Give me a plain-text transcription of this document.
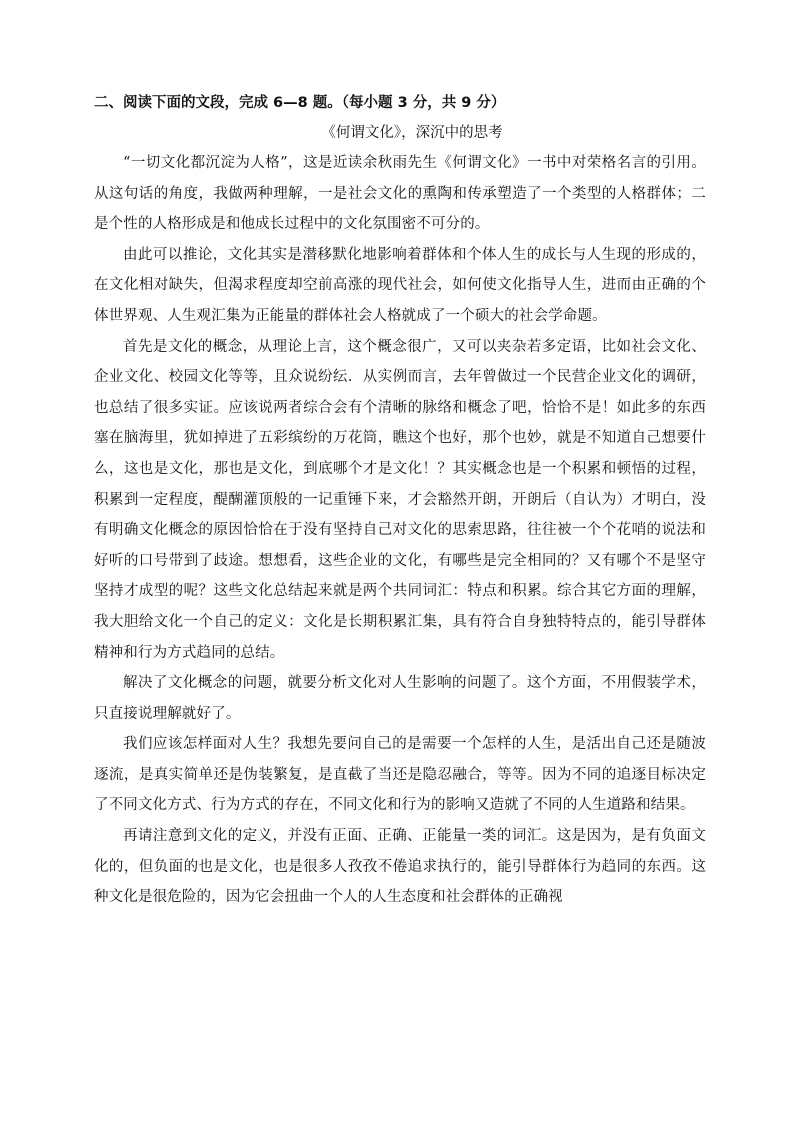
二、阅读下面的文段，完成 6—8 题。（每小题 3 分，共 9 分）

《何谓文化》，深沉中的思考

“一切文化都沉淀为人格”，这是近读余秋雨先生《何谓文化》一书中对荣格名言的引用。从这句话的角度，我做两种理解，一是社会文化的熏陶和传承塑造了一个类型的人格群体；二是个性的人格形成是和他成长过程中的文化氛围密不可分的。

由此可以推论，文化其实是潜移默化地影响着群体和个体人生的成长与人生现的形成的，在文化相对缺失，但渴求程度却空前高涨的现代社会，如何使文化指导人生，进而由正确的个体世界观、人生观汇集为正能量的群体社会人格就成了一个硕大的社会学命题。

首先是文化的概念，从理论上言，这个概念很广，又可以夹杂若多定语，比如社会文化、企业文化、校园文化等等，且众说纷纭．从实例而言，去年曾做过一个民营企业文化的调研，也总结了很多实证。应该说两者综合会有个清晰的脉络和概念了吧，恰恰不是！如此多的东西塞在脑海里，犹如掉进了五彩缤纷的万花筒，瞧这个也好，那个也妙，就是不知道自己想要什么，这也是文化，那也是文化，到底哪个才是文化！？其实概念也是一个积累和顿悟的过程，积累到一定程度，醍醐灌顶般的一记重锤下来，才会豁然开朗，开朗后（自认为）才明白，没有明确文化概念的原因恰恰在于没有坚持自己对文化的思索思路，往往被一个个花哨的说法和好听的口号带到了歧途。想想看，这些企业的文化，有哪些是完全相同的？又有哪个不是坚守坚持才成型的呢？这些文化总结起来就是两个共同词汇：特点和积累。综合其它方面的理解，我大胆给文化一个自己的定义：文化是长期积累汇集，具有符合自身独特特点的，能引导群体精神和行为方式趋同的总结。

解决了文化概念的问题，就要分析文化对人生影响的问题了。这个方面，不用假装学术，只直接说理解就好了。

我们应该怎样面对人生？我想先要问自己的是需要一个怎样的人生，是活出自己还是随波逐流，是真实简单还是伪装繁复，是直截了当还是隐忍融合，等等。因为不同的追逐目标决定了不同文化方式、行为方式的存在，不同文化和行为的影响又造就了不同的人生道路和结果。

再请注意到文化的定义，并没有正面、正确、正能量一类的词汇。这是因为，是有负面文化的，但负面的也是文化，也是很多人孜孜不倦追求执行的，能引导群体行为趋同的东西。这种文化是很危险的，因为它会扭曲一个人的人生态度和社会群体的正确视
